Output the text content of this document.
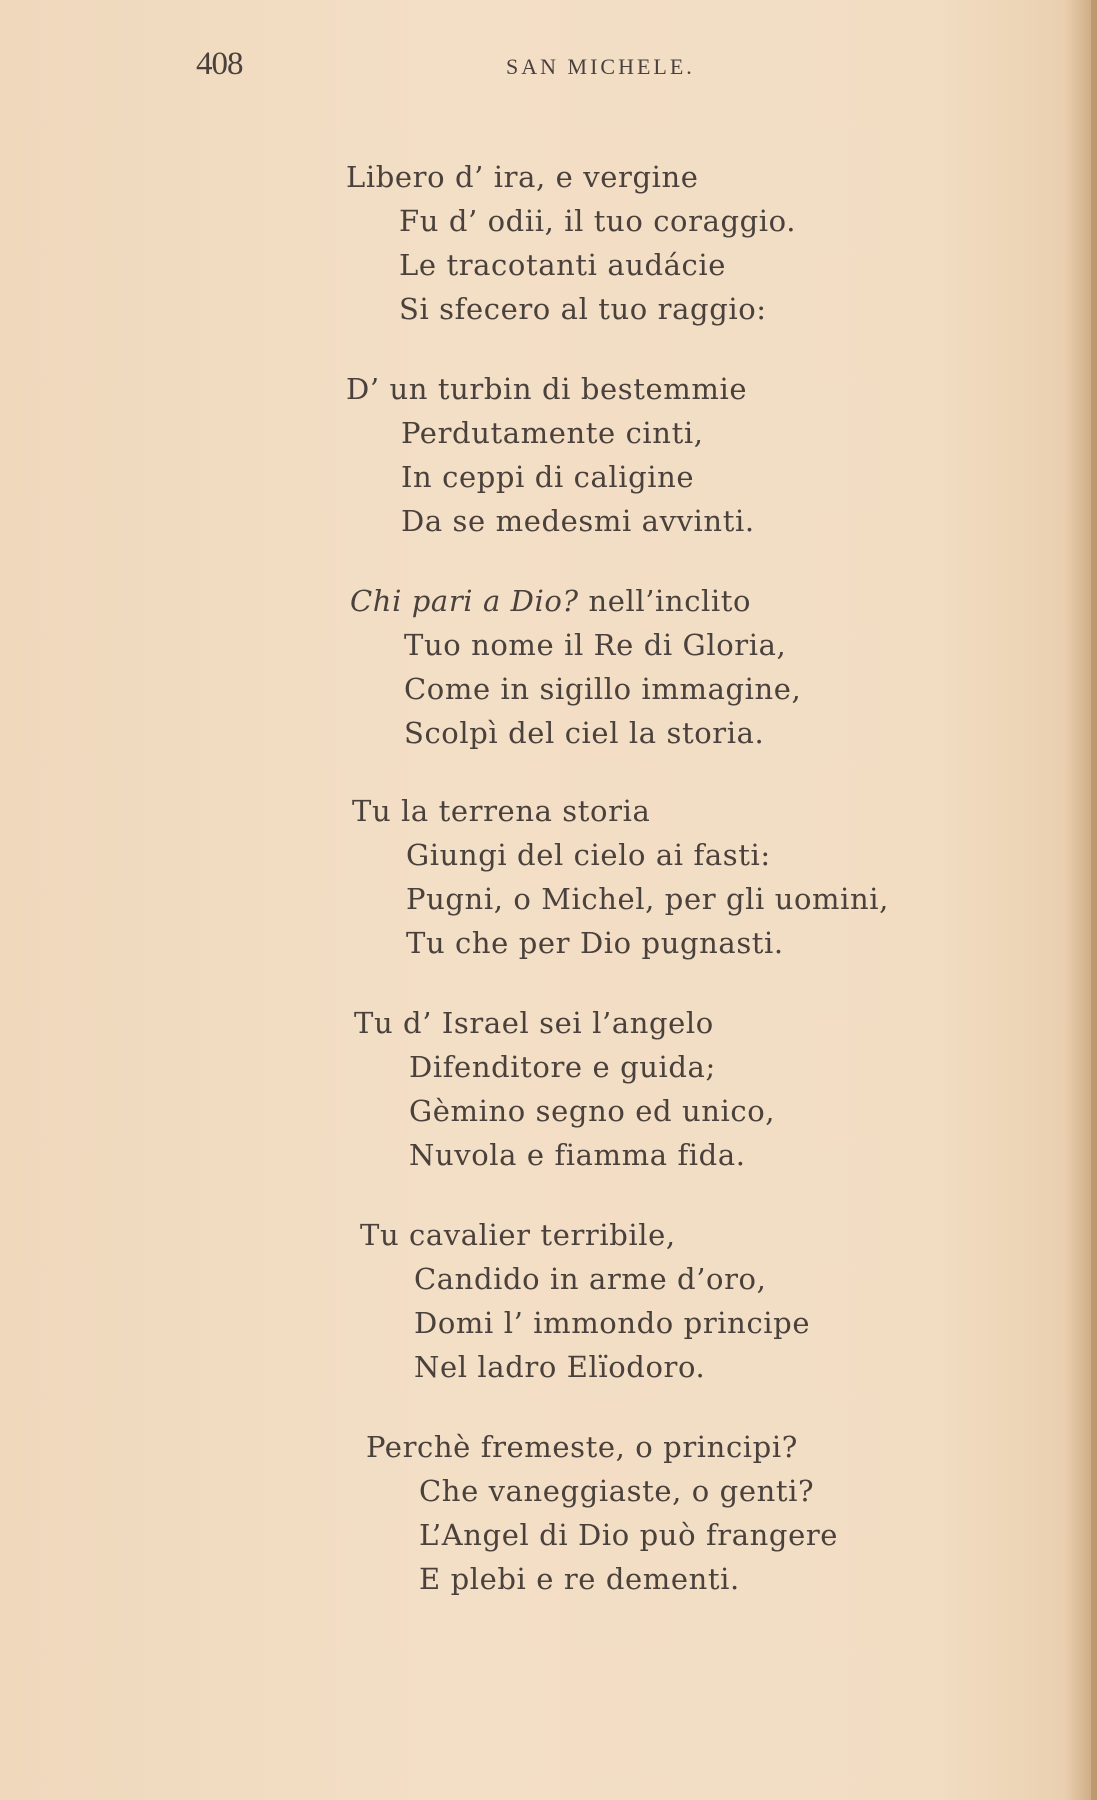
408	SAN MICHELE.
Libero d’ ira, e vergine
Fu d’ odii, il tuo coraggio.
Le tracotanti audácie
Si sfecero al tuo raggio:
D’ un turbin di bestemmie
Perdutamente cinti,
In ceppi di caligine
Da se medesmi avvinti.
Chi pari a Dio? nell’inclito
Tuo nome il Re di Gloria,
Come in sigillo immagine,
Scolpì del ciel la storia.
Tu la terrena storia
Giungi del cielo ai fasti:
Pugni, o Michel, per gli uomini,
Tu che per Dio pugnasti.
Tu d’ Israel sei l’angelo
Difenditore e guida;
Gèmino segno ed unico,
Nuvola e fiamma fida.
Tu cavalier terribile,
Candido in arme d’oro,
Domi l’ immondo principe
Nel ladro Elïodoro.
Perchè fremeste, o principi?
Che vaneggiaste, o genti?
L’Angel di Dio può frangere
E plebi e re dementi.
